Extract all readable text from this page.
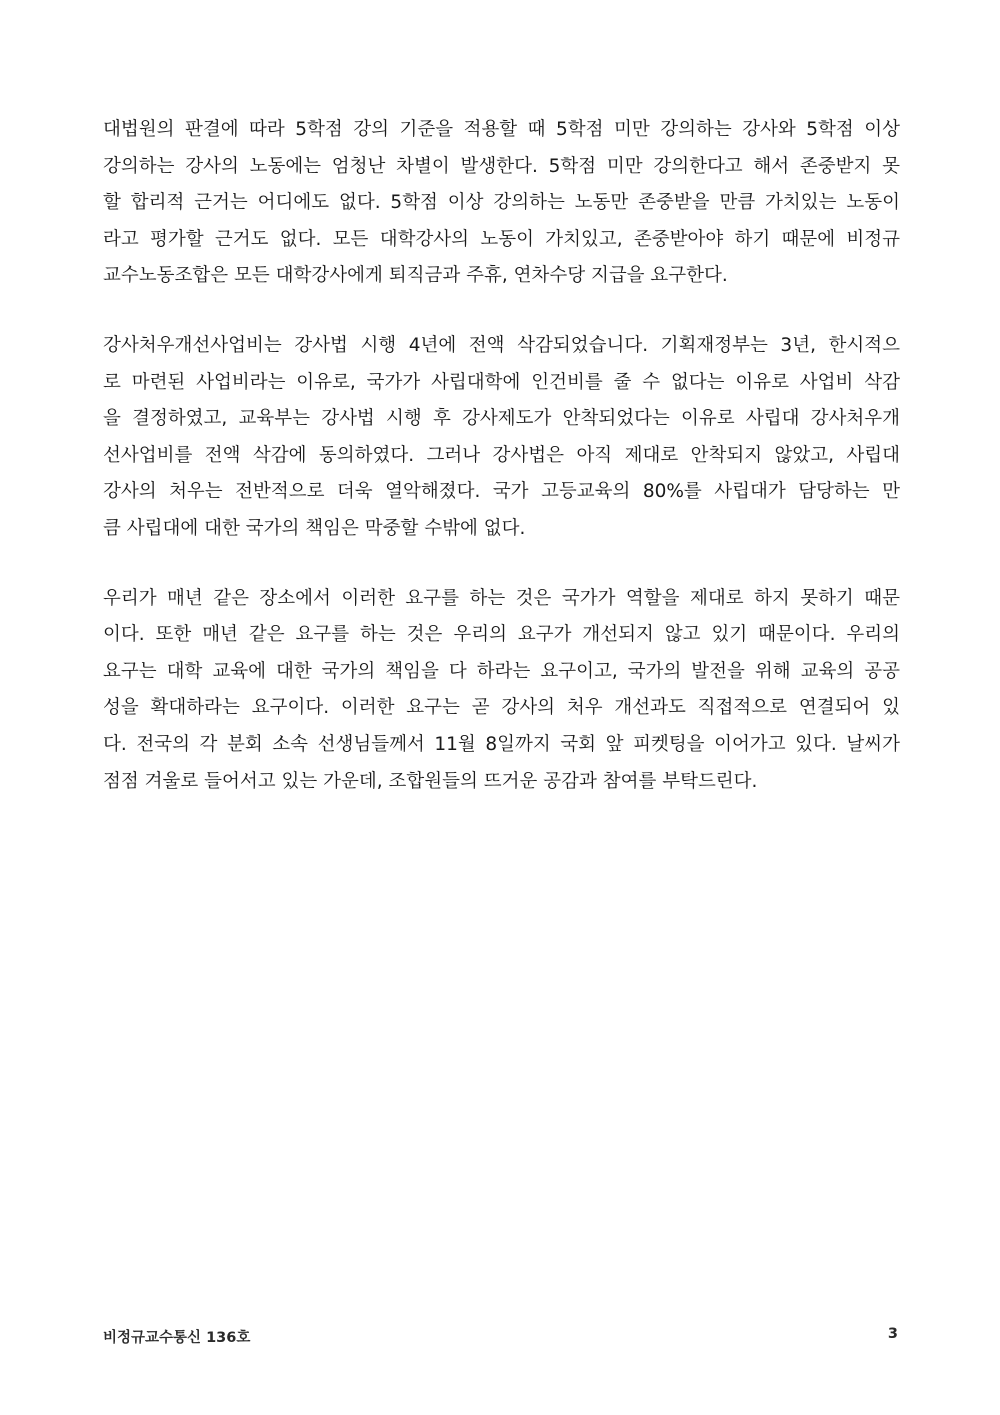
대법원의 판결에 따라 5학점 강의 기준을 적용할 때 5학점 미만 강의하는 강사와 5학점 이상
강의하는 강사의 노동에는 엄청난 차별이 발생한다. 5학점 미만 강의한다고 해서 존중받지 못
할 합리적 근거는 어디에도 없다. 5학점 이상 강의하는 노동만 존중받을 만큼 가치있는 노동이
라고 평가할 근거도 없다. 모든 대학강사의 노동이 가치있고, 존중받아야 하기 때문에 비정규
교수노동조합은 모든 대학강사에게 퇴직금과 주휴, 연차수당 지급을 요구한다.
강사처우개선사업비는 강사법 시행 4년에 전액 삭감되었습니다. 기획재정부는 3년, 한시적으
로 마련된 사업비라는 이유로, 국가가 사립대학에 인건비를 줄 수 없다는 이유로 사업비 삭감
을 결정하였고, 교육부는 강사법 시행 후 강사제도가 안착되었다는 이유로 사립대 강사처우개
선사업비를 전액 삭감에 동의하였다. 그러나 강사법은 아직 제대로 안착되지 않았고, 사립대
강사의 처우는 전반적으로 더욱 열악해졌다. 국가 고등교육의 80%를 사립대가 담당하는 만
큼 사립대에 대한 국가의 책임은 막중할 수밖에 없다.
우리가 매년 같은 장소에서 이러한 요구를 하는 것은 국가가 역할을 제대로 하지 못하기 때문
이다. 또한 매년 같은 요구를 하는 것은 우리의 요구가 개선되지 않고 있기 때문이다. 우리의
요구는 대학 교육에 대한 국가의 책임을 다 하라는 요구이고, 국가의 발전을 위해 교육의 공공
성을 확대하라는 요구이다. 이러한 요구는 곧 강사의 처우 개선과도 직접적으로 연결되어 있
다. 전국의 각 분회 소속 선생님들께서 11월 8일까지 국회 앞 피켓팅을 이어가고 있다. 날씨가
점점 겨울로 들어서고 있는 가운데, 조합원들의 뜨거운 공감과 참여를 부탁드린다.
비정규교수통신 136호	3
